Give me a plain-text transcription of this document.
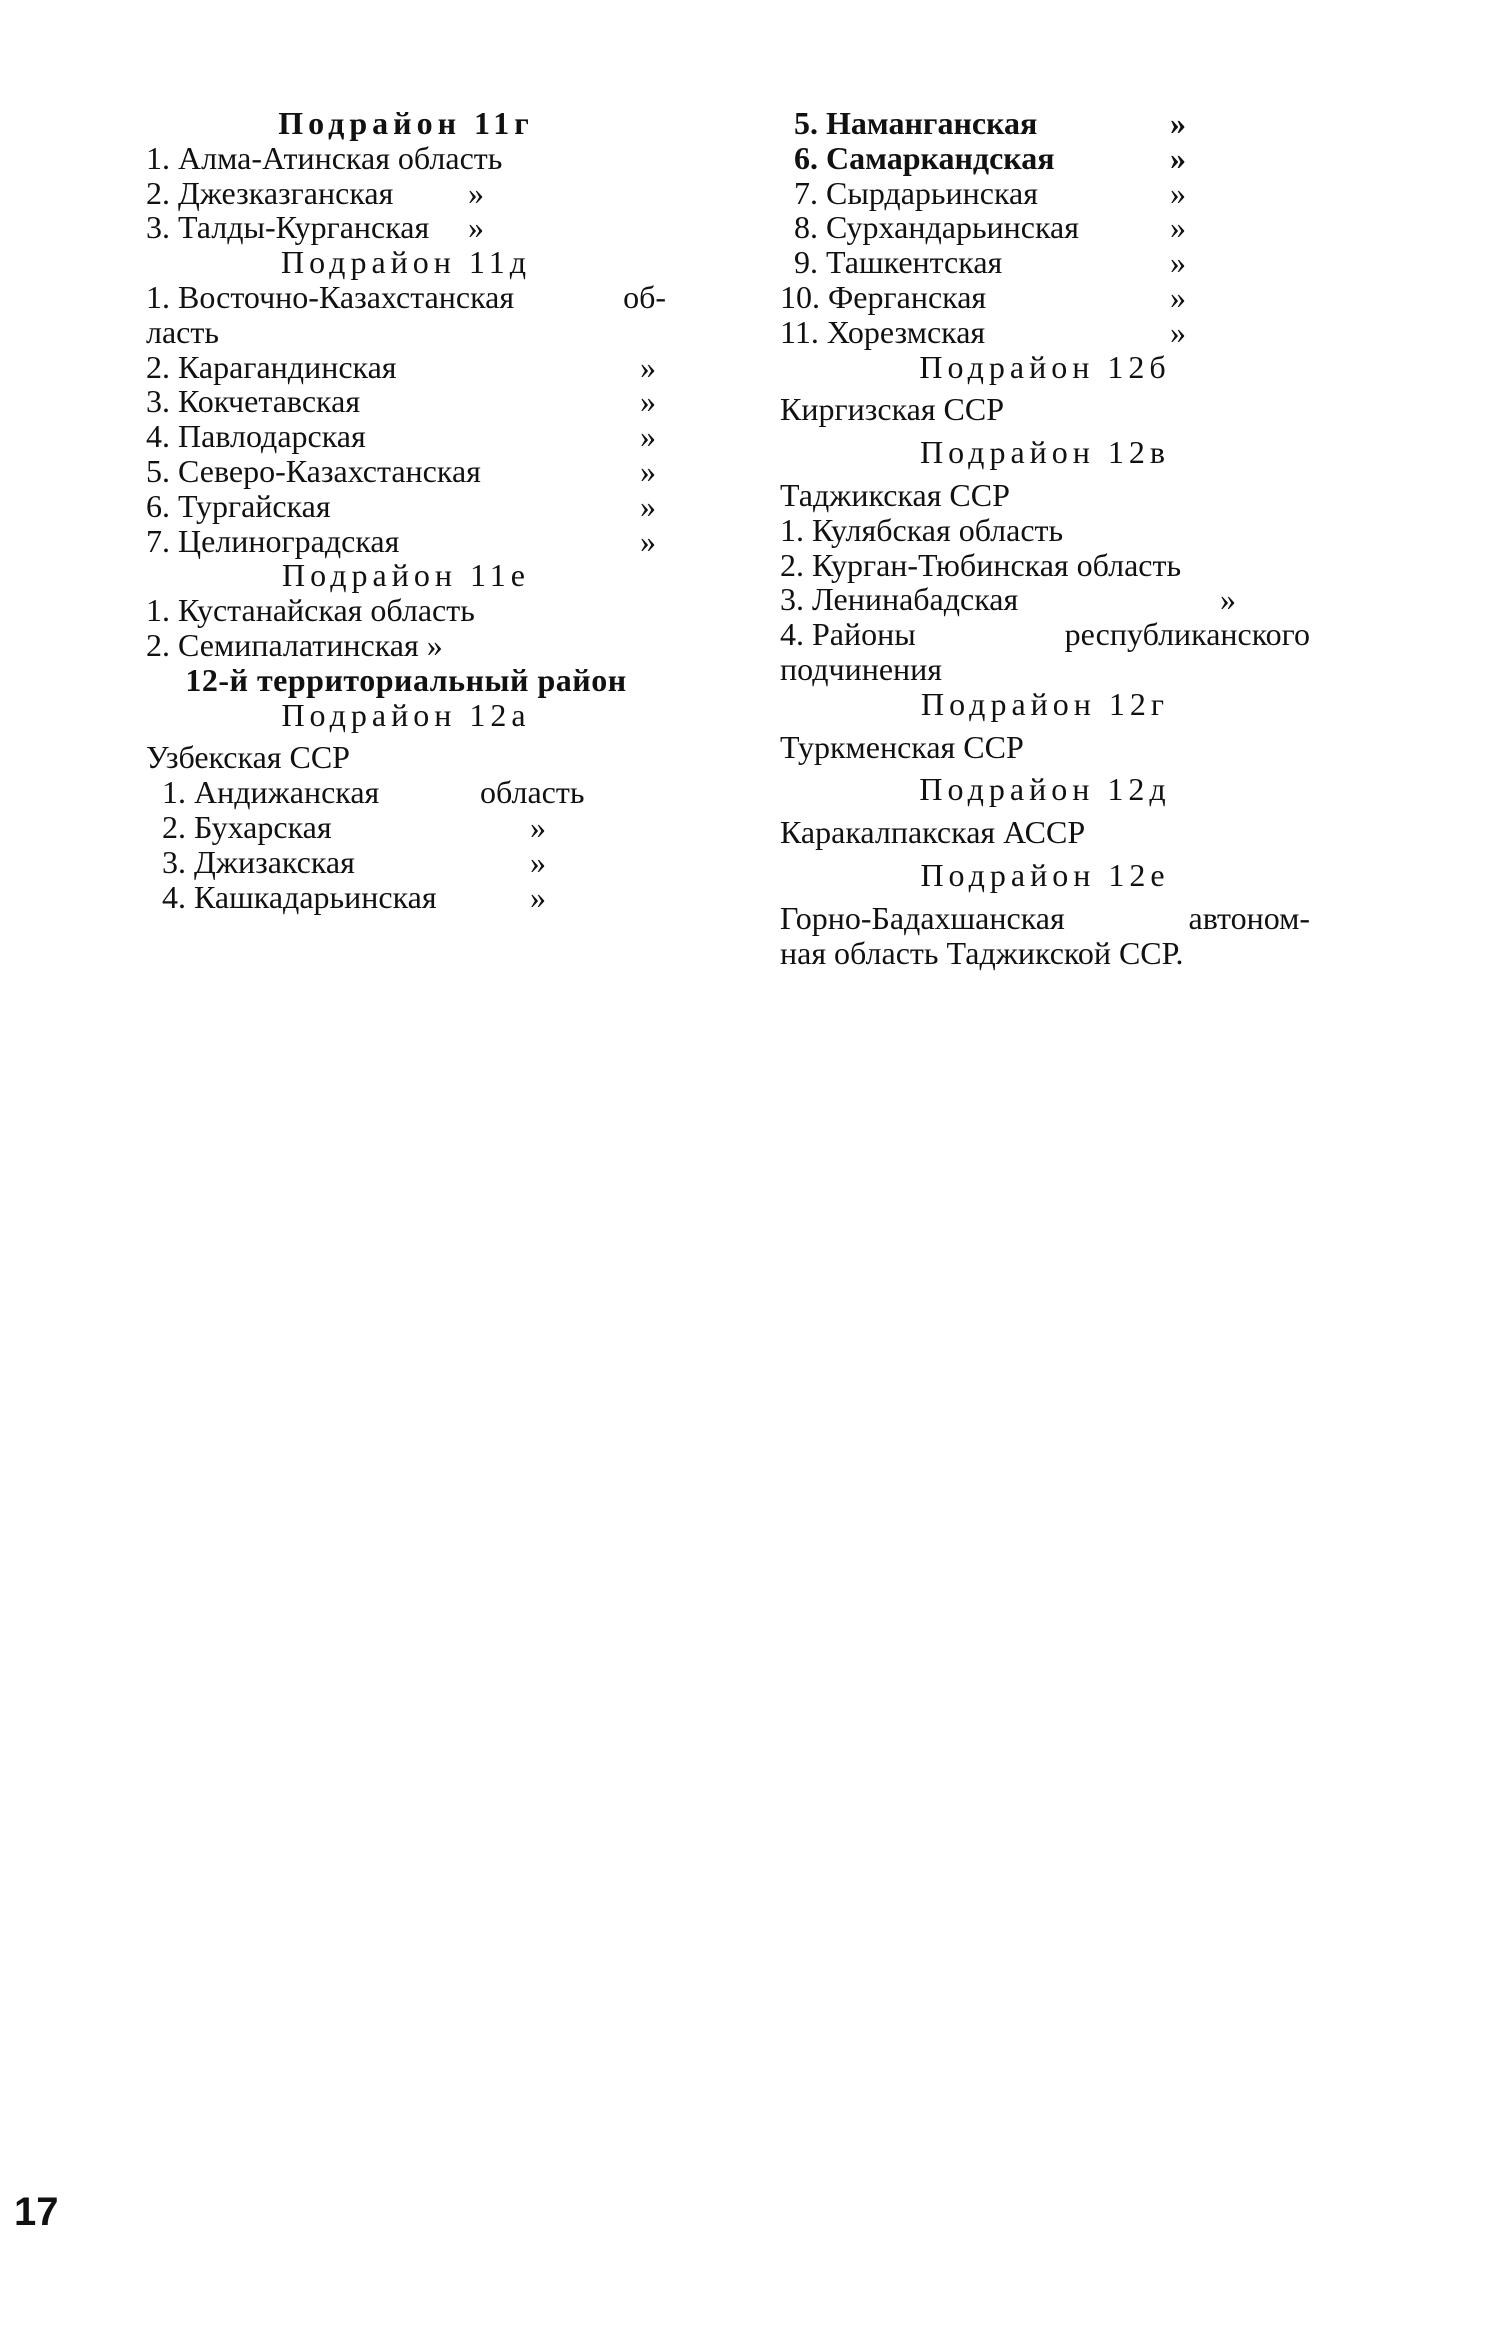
Подрайон 11г
1. Алма-Атинская область
2. Джезказганская »
3. Талды-Курганская »
Подрайон 11д
1. Восточно-Казахстанская	об-
ласть
2. Карагандинская	»
3. Кокчетавская	»
4. Павлодарская	»
5. Северо-Казахстанская	»
6. Тургайская	»
7. Целиноградская	»
Подрайон 11е
1. Кустанайская область
2. Семипалатинская »
12-й территориальный район
Подрайон 12а
Узбекская ССР
1. Андижанская	область
2. Бухарская	»
3. Джизакская	»
4. Кашкадарьинская	»
5. Наманганская	»
6. Самаркандская	»
7. Сырдарьинская	»
8. Сурхандарьинская	»
9. Ташкентская	»
10. Ферганская	»
11. Хорезмская	»
Подрайон 12б
Киргизская ССР
Подрайон 12в
Таджикская ССР
1. Кулябская область
2. Курган-Тюбинская область
3. Ленинабадская	»
4. Районы	республиканского
подчинения
Подрайон 12г
Туркменская ССР
Подрайон 12д
Каракалпакская АССР
Подрайон 12е
Горно-Бадахшанская	автоном-
ная область Таджикской ССР.
17
